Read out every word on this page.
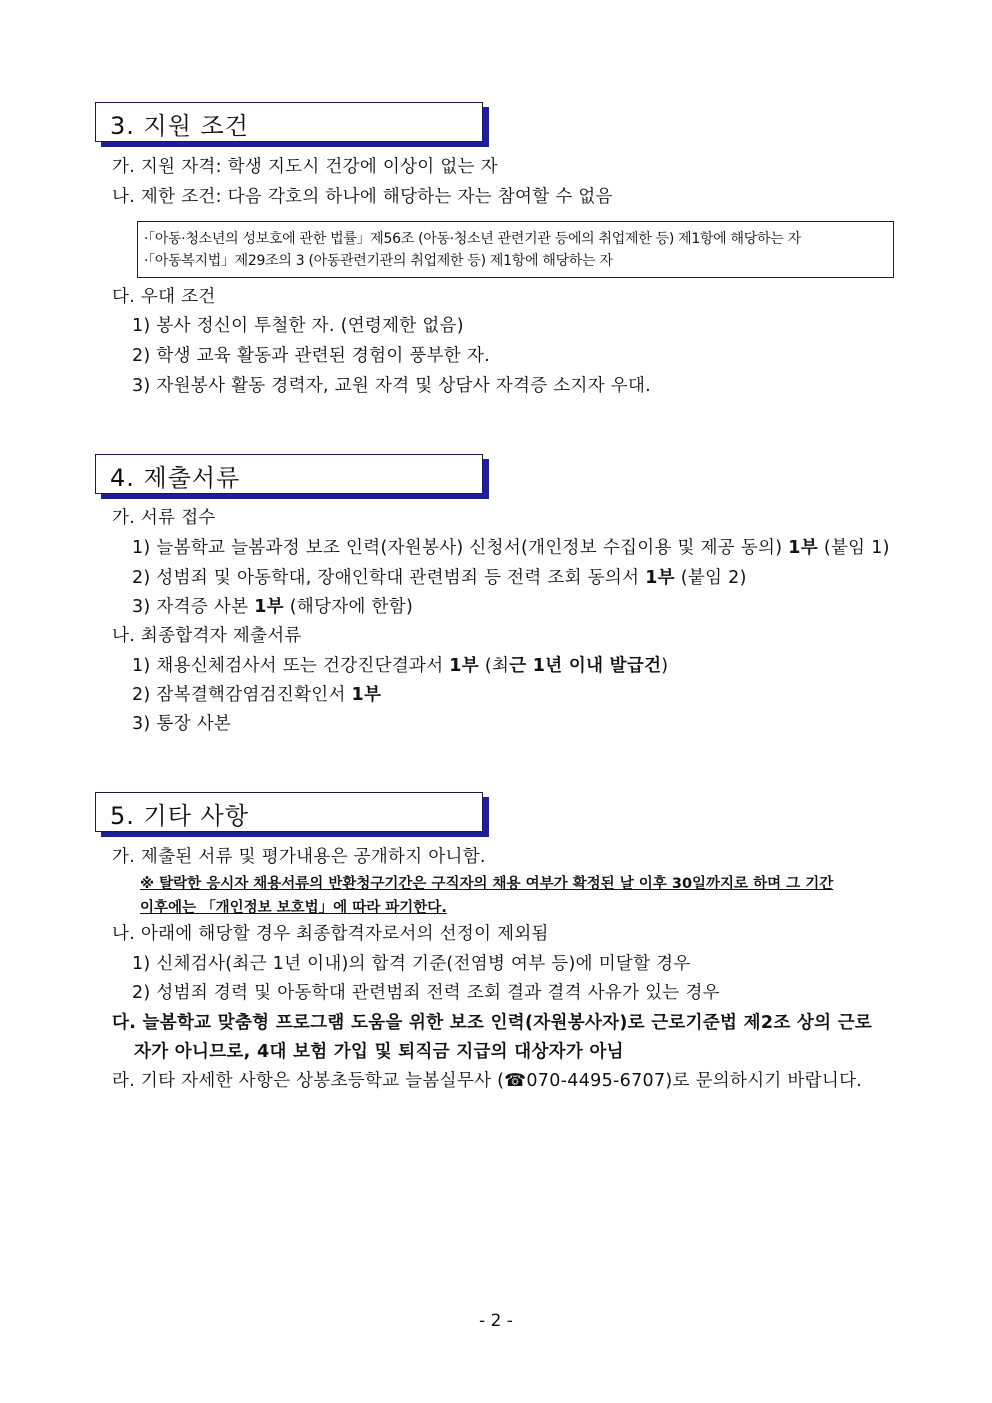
3. 지원 조건
가. 지원 자격: 학생 지도시 건강에 이상이 없는 자
나. 제한 조건: 다음 각호의 하나에 해당하는 자는 참여할 수 없음
·「아동·청소년의 성보호에 관한 법률」제56조 (아동·청소년 관련기관 등에의 취업제한 등) 제1항에 해당하는 자
·「아동복지법」제29조의 3 (아동관련기관의 취업제한 등) 제1항에 해당하는 자
다. 우대 조건
1) 봉사 정신이 투철한 자. (연령제한 없음)
2) 학생 교육 활동과 관련된 경험이 풍부한 자.
3) 자원봉사 활동 경력자, 교원 자격 및 상담사 자격증 소지자 우대.
4. 제출서류
가. 서류 접수
1) 늘봄학교 늘봄과정 보조 인력(자원봉사) 신청서(개인정보 수집이용 및 제공 동의) 1부 (붙임 1)
2) 성범죄 및 아동학대, 장애인학대 관련범죄 등 전력 조회 동의서 1부 (붙임 2)
3) 자격증 사본 1부 (해당자에 한함)
나. 최종합격자 제출서류
1) 채용신체검사서 또는 건강진단결과서 1부 (최근 1년 이내 발급건)
2) 잠복결핵감염검진확인서 1부
3) 통장 사본
5. 기타 사항
가. 제출된 서류 및 평가내용은 공개하지 아니함.
※ 탈락한 응시자 채용서류의 반환청구기간은 구직자의 채용 여부가 확정된 날 이후 30일까지로 하며 그 기간
이후에는 「개인정보 보호법」에 따라 파기한다.
나. 아래에 해당할 경우 최종합격자로서의 선정이 제외됨
1) 신체검사(최근 1년 이내)의 합격 기준(전염병 여부 등)에 미달할 경우
2) 성범죄 경력 및 아동학대 관련범죄 전력 조회 결과 결격 사유가 있는 경우
다. 늘봄학교 맞춤형 프로그램 도움을 위한 보조 인력(자원봉사자)로 근로기준법 제2조 상의 근로
자가 아니므로, 4대 보험 가입 및 퇴직금 지급의 대상자가 아님
라. 기타 자세한 사항은 상봉초등학교 늘봄실무사 (☎070-4495-6707)로 문의하시기 바랍니다.
- 2 -
